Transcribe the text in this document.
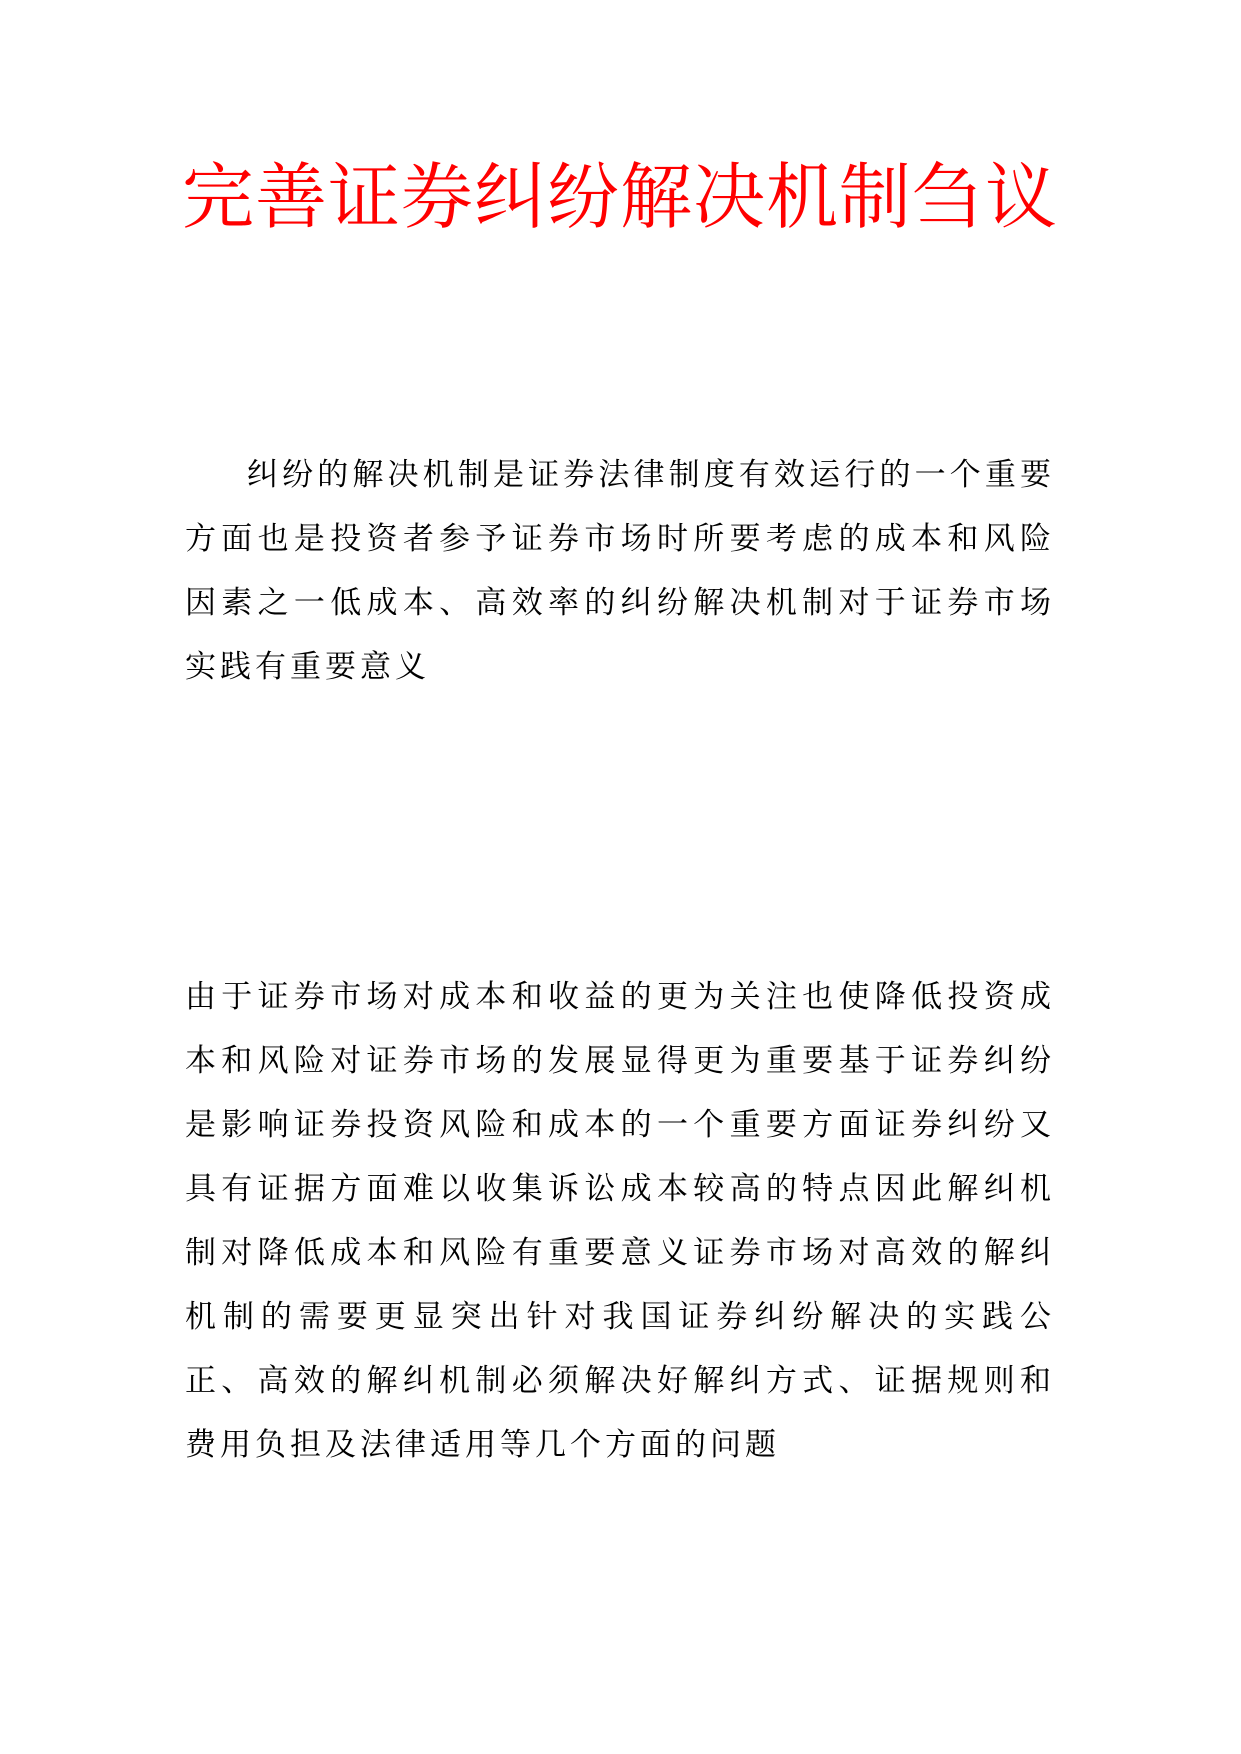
完善证券纠纷解决机制刍议

纠纷的解决机制是证券法律制度有效运行的一个重要方面也是投资者参予证券市场时所要考虑的成本和风险因素之一低成本、高效率的纠纷解决机制对于证券市场实践有重要意义

由于证券市场对成本和收益的更为关注也使降低投资成本和风险对证券市场的发展显得更为重要基于证券纠纷是影响证券投资风险和成本的一个重要方面证券纠纷又具有证据方面难以收集诉讼成本较高的特点因此解纠机制对降低成本和风险有重要意义证券市场对高效的解纠机制的需要更显突出针对我国证券纠纷解决的实践公正、高效的解纠机制必须解决好解纠方式、证据规则和费用负担及法律适用等几个方面的问题
